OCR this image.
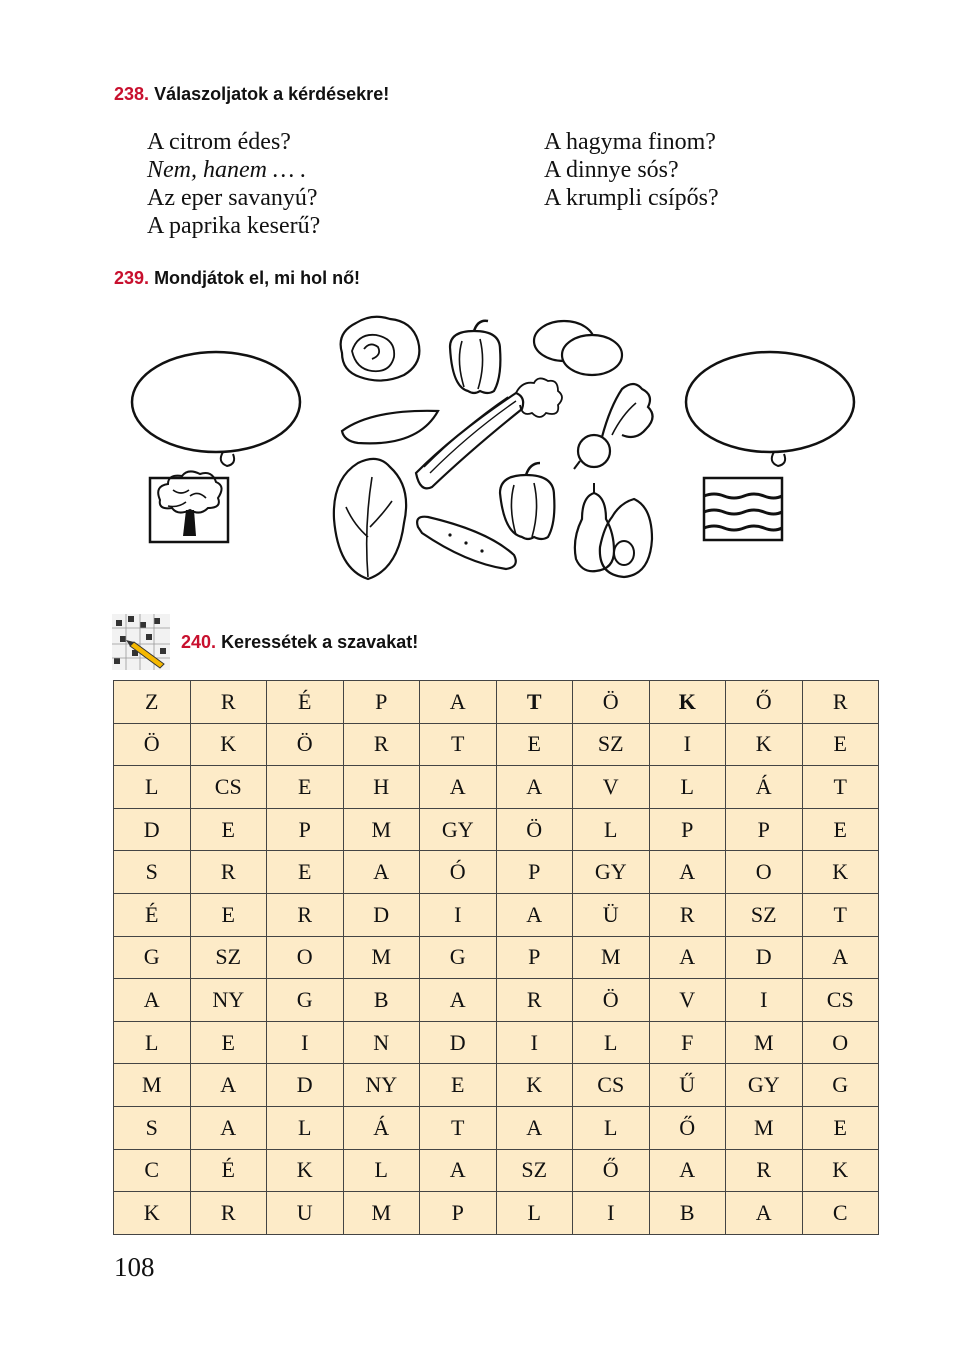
238. Válaszoljatok a kérdésekre!
A citrom édes?
Nem, hanem … .
Az eper savanyú?
A paprika keserű?
A hagyma finom?
A dinnye sós?
A krumpli csípős?
239. Mondjátok el, mi hol nő!
240. Keressétek a szavakat!
Z	R	É	P	A	T	Ö	K	Ő	R
Ö	K	Ö	R	T	E	SZ	I	K	E
L	CS	E	H	A	A	V	L	Á	T
D	E	P	M	GY	Ö	L	P	P	E
S	R	E	A	Ó	P	GY	A	O	K
É	E	R	D	I	A	Ü	R	SZ	T
G	SZ	O	M	G	P	M	A	D	A
A	NY	G	B	A	R	Ö	V	I	CS
L	E	I	N	D	I	L	F	M	O
M	A	D	NY	E	K	CS	Ű	GY	G
S	A	L	Á	T	A	L	Ő	M	E
C	É	K	L	A	SZ	Ő	A	R	K
K	R	U	M	P	L	I	B	A	C
108
